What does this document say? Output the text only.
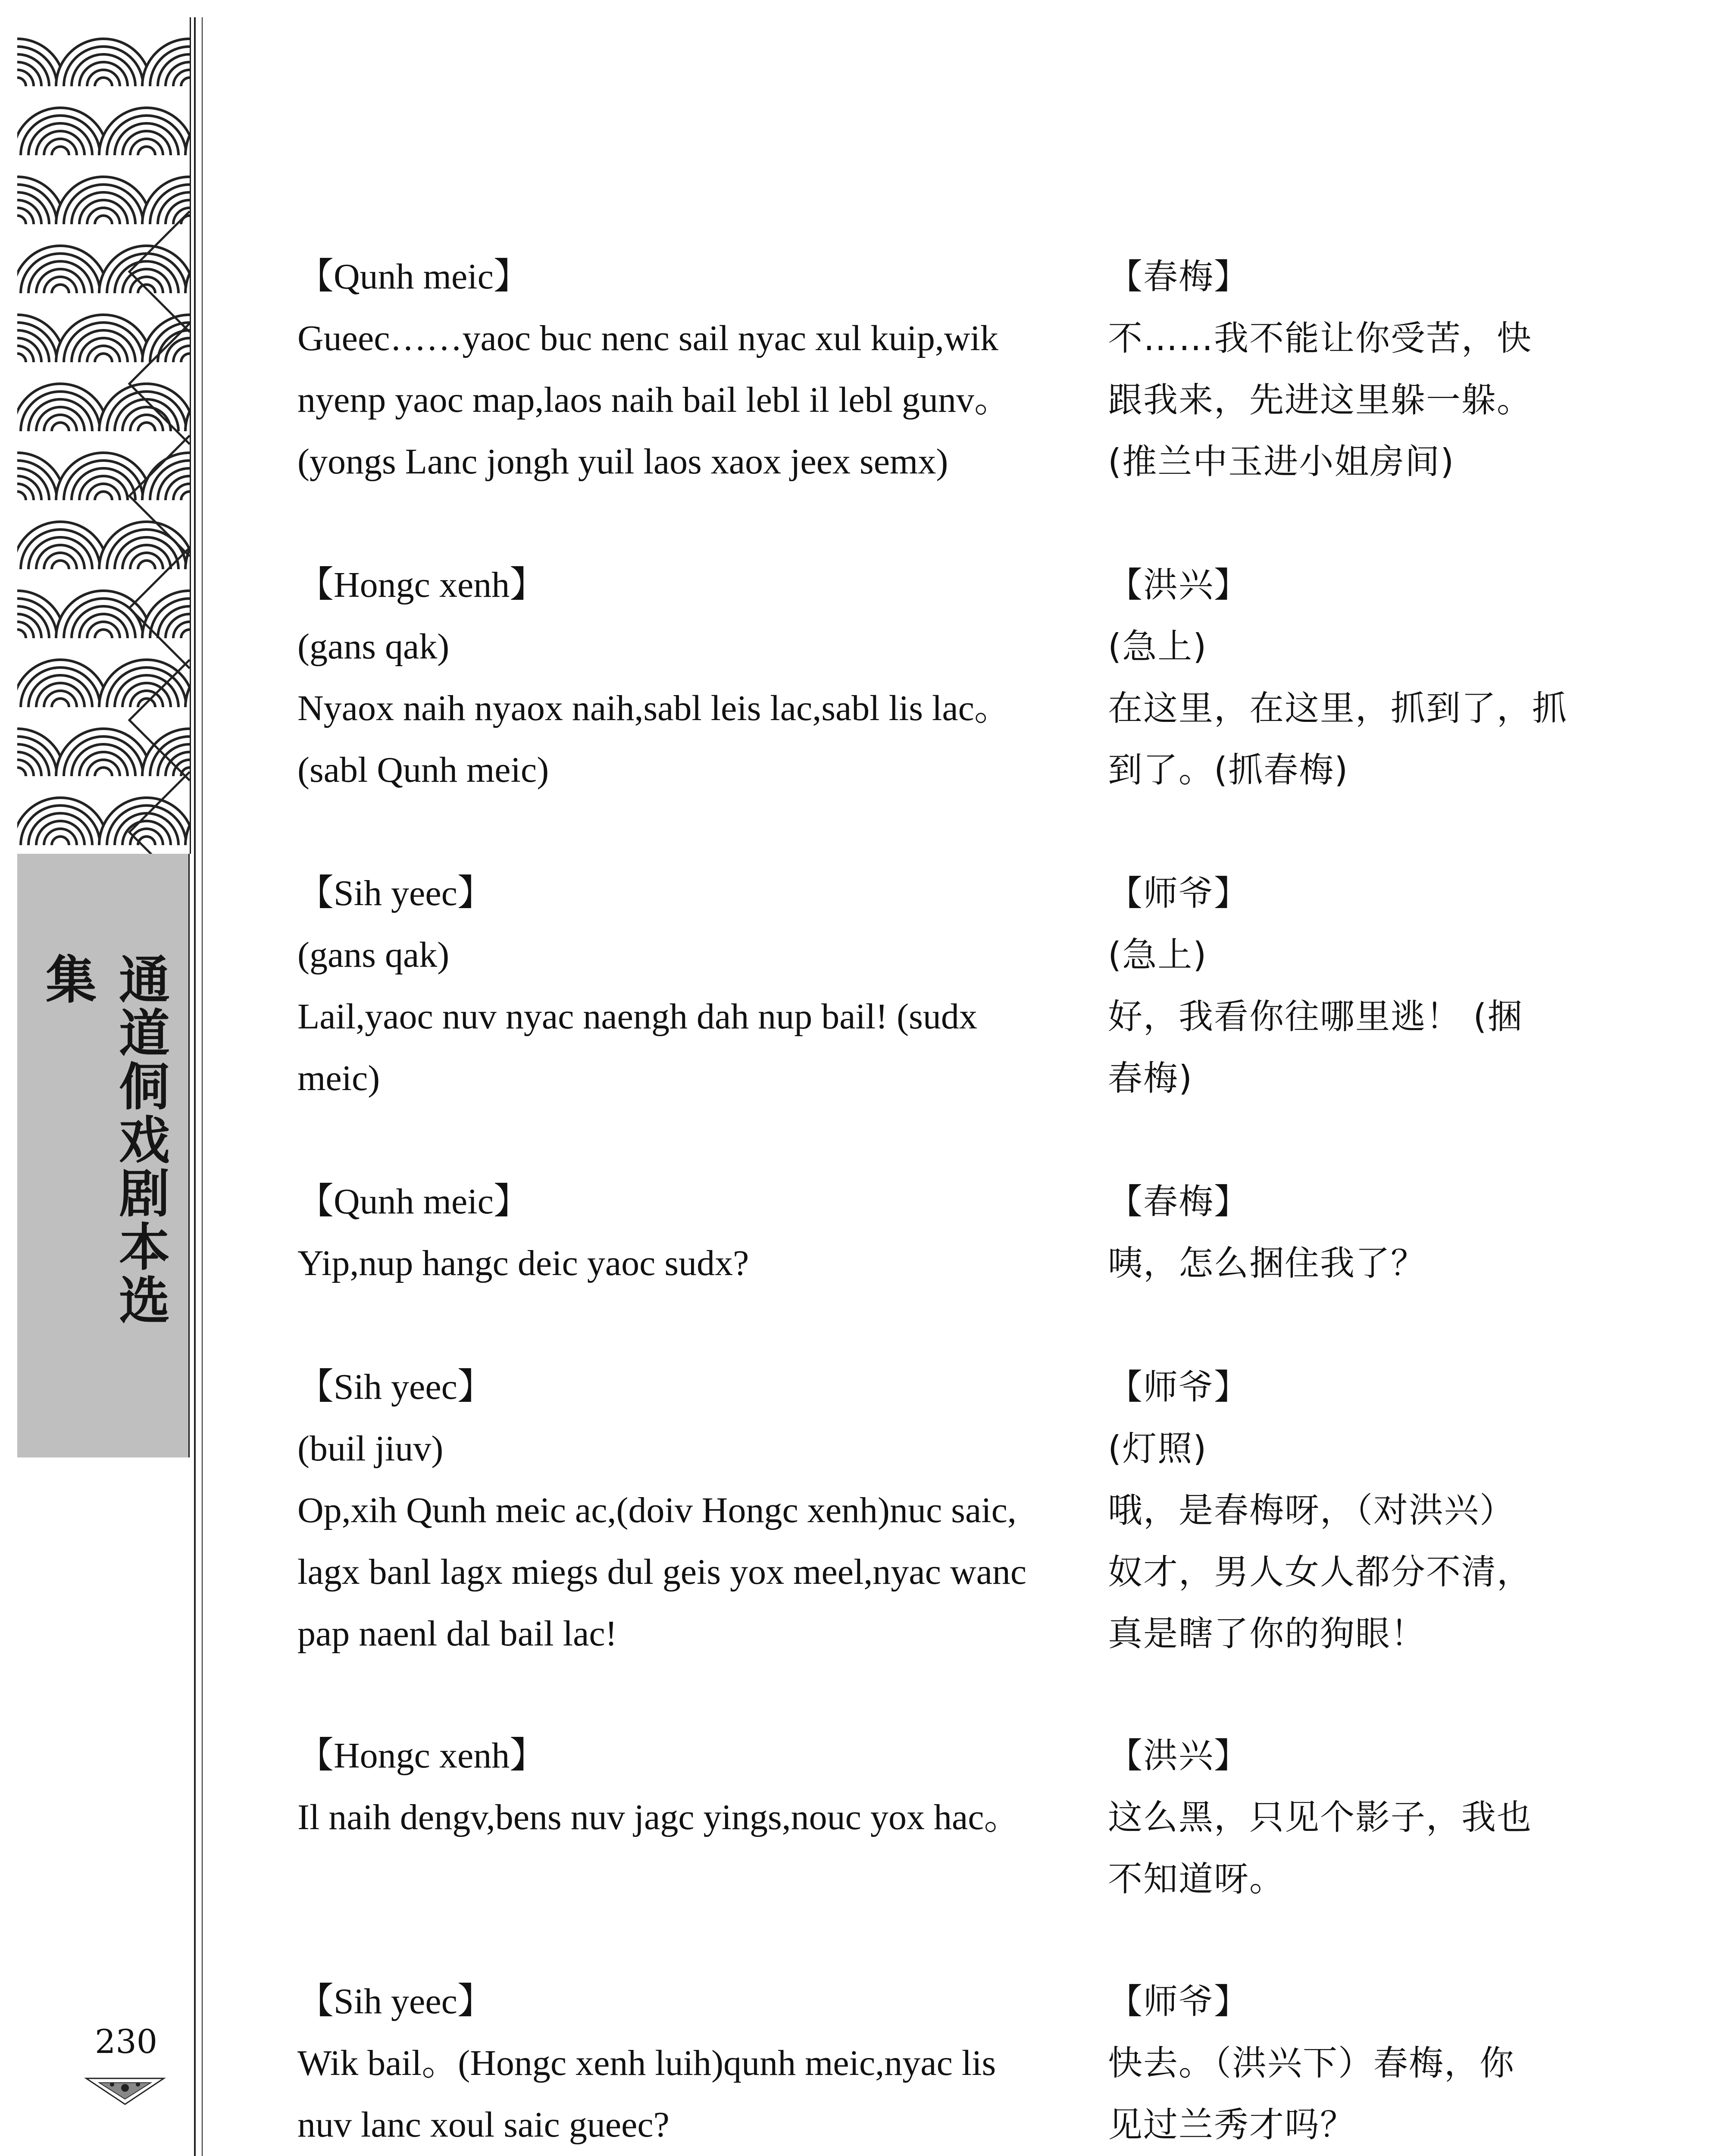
通道侗戏剧本选集
230
【Qunh meic】
Gueec……yaoc buc nenc sail nyac xul kuip,wik
nyenp yaoc map,laos naih bail lebl il lebl gunv。
(yongs Lanc jongh yuil laos xaox jeex semx)
【春梅】
不……我不能让你受苦，快
跟我来，先进这里躲一躲。
(推兰中玉进小姐房间)
【Hongc xenh】
(gans qak)
Nyaox naih nyaox naih,sabl leis lac,sabl lis lac。
(sabl Qunh meic)
【洪兴】
(急上)
在这里，在这里，抓到了，抓
到了。(抓春梅)
【Sih yeec】
(gans qak)
Lail,yaoc nuv nyac naengh dah nup bail! (sudx
meic)
【师爷】
(急上)
好，我看你往哪里逃！ (捆
春梅)
【Qunh meic】
Yip,nup hangc deic yaoc sudx?
【春梅】
咦，怎么捆住我了？
【Sih yeec】
(buil jiuv)
Op,xih Qunh meic ac,(doiv Hongc xenh)nuc saic,
lagx banl lagx miegs dul geis yox meel,nyac wanc
pap naenl dal bail lac!
【师爷】
(灯照)
哦，是春梅呀，（对洪兴）
奴才，男人女人都分不清，
真是瞎了你的狗眼！
【Hongc xenh】
Il naih dengv,bens nuv jagc yings,nouc yox hac。
【洪兴】
这么黑，只见个影子，我也
不知道呀。
【Sih yeec】
Wik bail。(Hongc xenh luih)qunh meic,nyac lis
nuv lanc xoul saic gueec?
【师爷】
快去。（洪兴下）春梅，你
见过兰秀才吗？
